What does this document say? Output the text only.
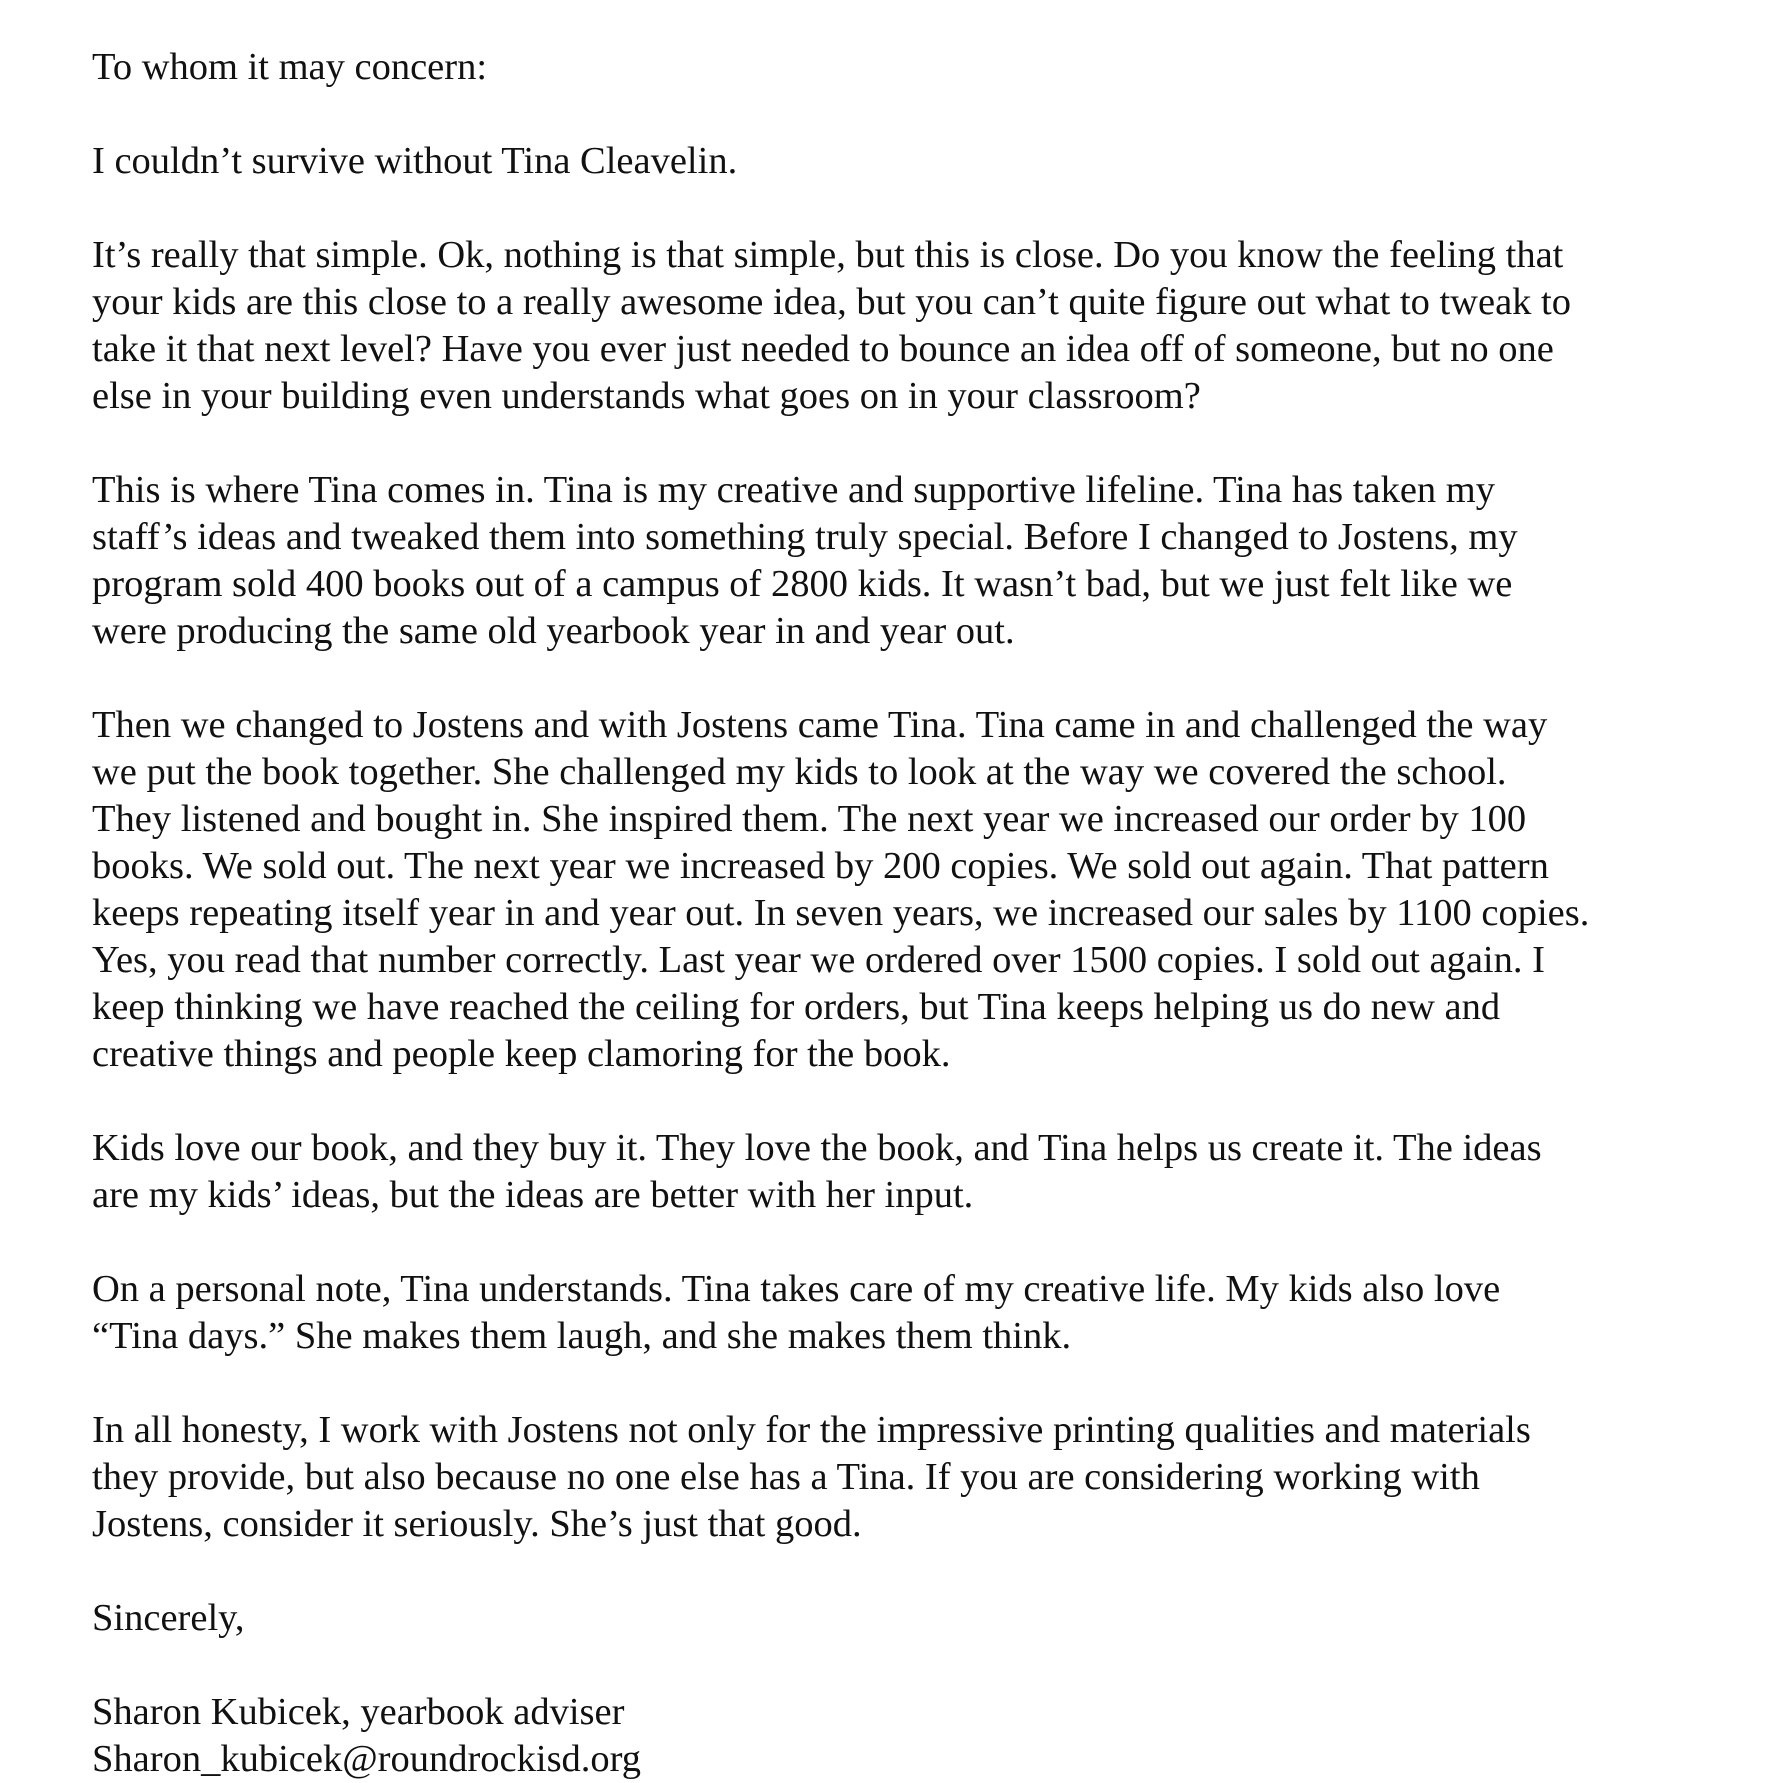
To whom it may concern:

I couldn’t survive without Tina Cleavelin.

It’s really that simple. Ok, nothing is that simple, but this is close. Do you know the feeling that
your kids are this close to a really awesome idea, but you can’t quite figure out what to tweak to
take it that next level? Have you ever just needed to bounce an idea off of someone, but no one
else in your building even understands what goes on in your classroom?

This is where Tina comes in. Tina is my creative and supportive lifeline. Tina has taken my
staff’s ideas and tweaked them into something truly special. Before I changed to Jostens, my
program sold 400 books out of a campus of 2800 kids. It wasn’t bad, but we just felt like we
were producing the same old yearbook year in and year out.

Then we changed to Jostens and with Jostens came Tina. Tina came in and challenged the way
we put the book together. She challenged my kids to look at the way we covered the school.
They listened and bought in. She inspired them. The next year we increased our order by 100
books. We sold out. The next year we increased by 200 copies. We sold out again. That pattern
keeps repeating itself year in and year out. In seven years, we increased our sales by 1100 copies.
Yes, you read that number correctly. Last year we ordered over 1500 copies. I sold out again. I
keep thinking we have reached the ceiling for orders, but Tina keeps helping us do new and
creative things and people keep clamoring for the book.

Kids love our book, and they buy it. They love the book, and Tina helps us create it. The ideas
are my kids’ ideas, but the ideas are better with her input.

On a personal note, Tina understands. Tina takes care of my creative life. My kids also love
“Tina days.” She makes them laugh, and she makes them think.

In all honesty, I work with Jostens not only for the impressive printing qualities and materials
they provide, but also because no one else has a Tina. If you are considering working with
Jostens, consider it seriously. She’s just that good.

Sincerely,

Sharon Kubicek, yearbook adviser
Sharon_kubicek@roundrockisd.org
